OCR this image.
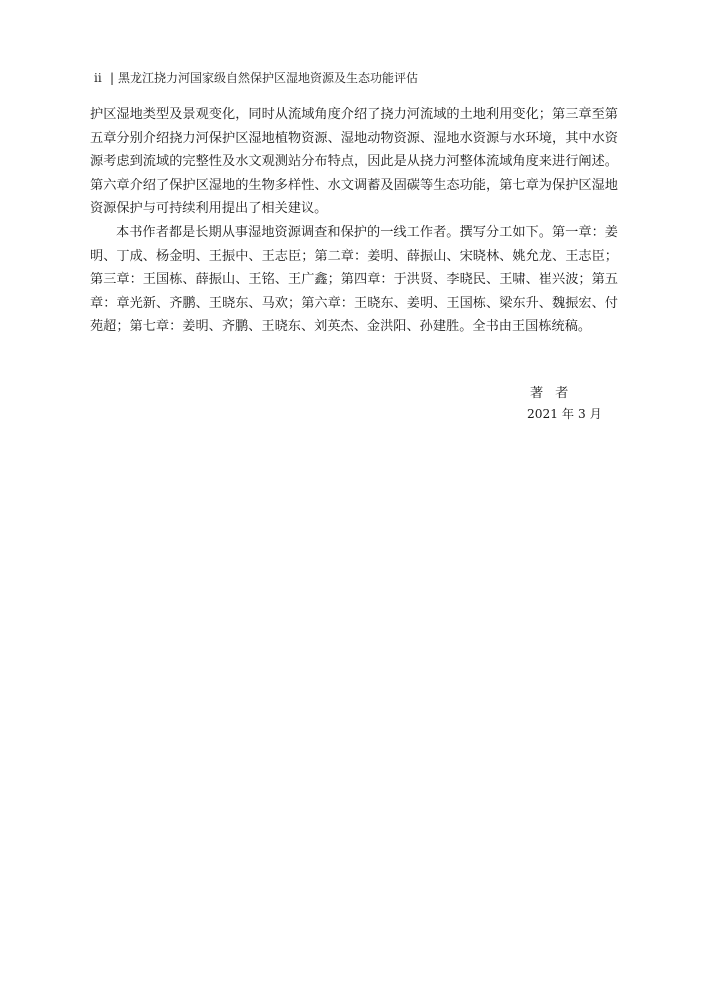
ii | 黑龙江挠力河国家级自然保护区湿地资源及生态功能评估

护区湿地类型及景观变化，同时从流域角度介绍了挠力河流域的土地利用变化；第三章至第五章分别介绍挠力河保护区湿地植物资源、湿地动物资源、湿地水资源与水环境，其中水资源考虑到流域的完整性及水文观测站分布特点，因此是从挠力河整体流域角度来进行阐述。第六章介绍了保护区湿地的生物多样性、水文调蓄及固碳等生态功能，第七章为保护区湿地资源保护与可持续利用提出了相关建议。

本书作者都是长期从事湿地资源调查和保护的一线工作者。撰写分工如下。第一章：姜明、丁成、杨金明、王振中、王志臣；第二章：姜明、薛振山、宋晓林、姚允龙、王志臣；第三章：王国栋、薛振山、王铭、王广鑫；第四章：于洪贤、李晓民、王啸、崔兴波；第五章：章光新、齐鹏、王晓东、马欢；第六章：王晓东、姜明、王国栋、梁东升、魏振宏、付苑超；第七章：姜明、齐鹏、王晓东、刘英杰、金洪阳、孙建胜。全书由王国栋统稿。

著者
2021 年 3 月
